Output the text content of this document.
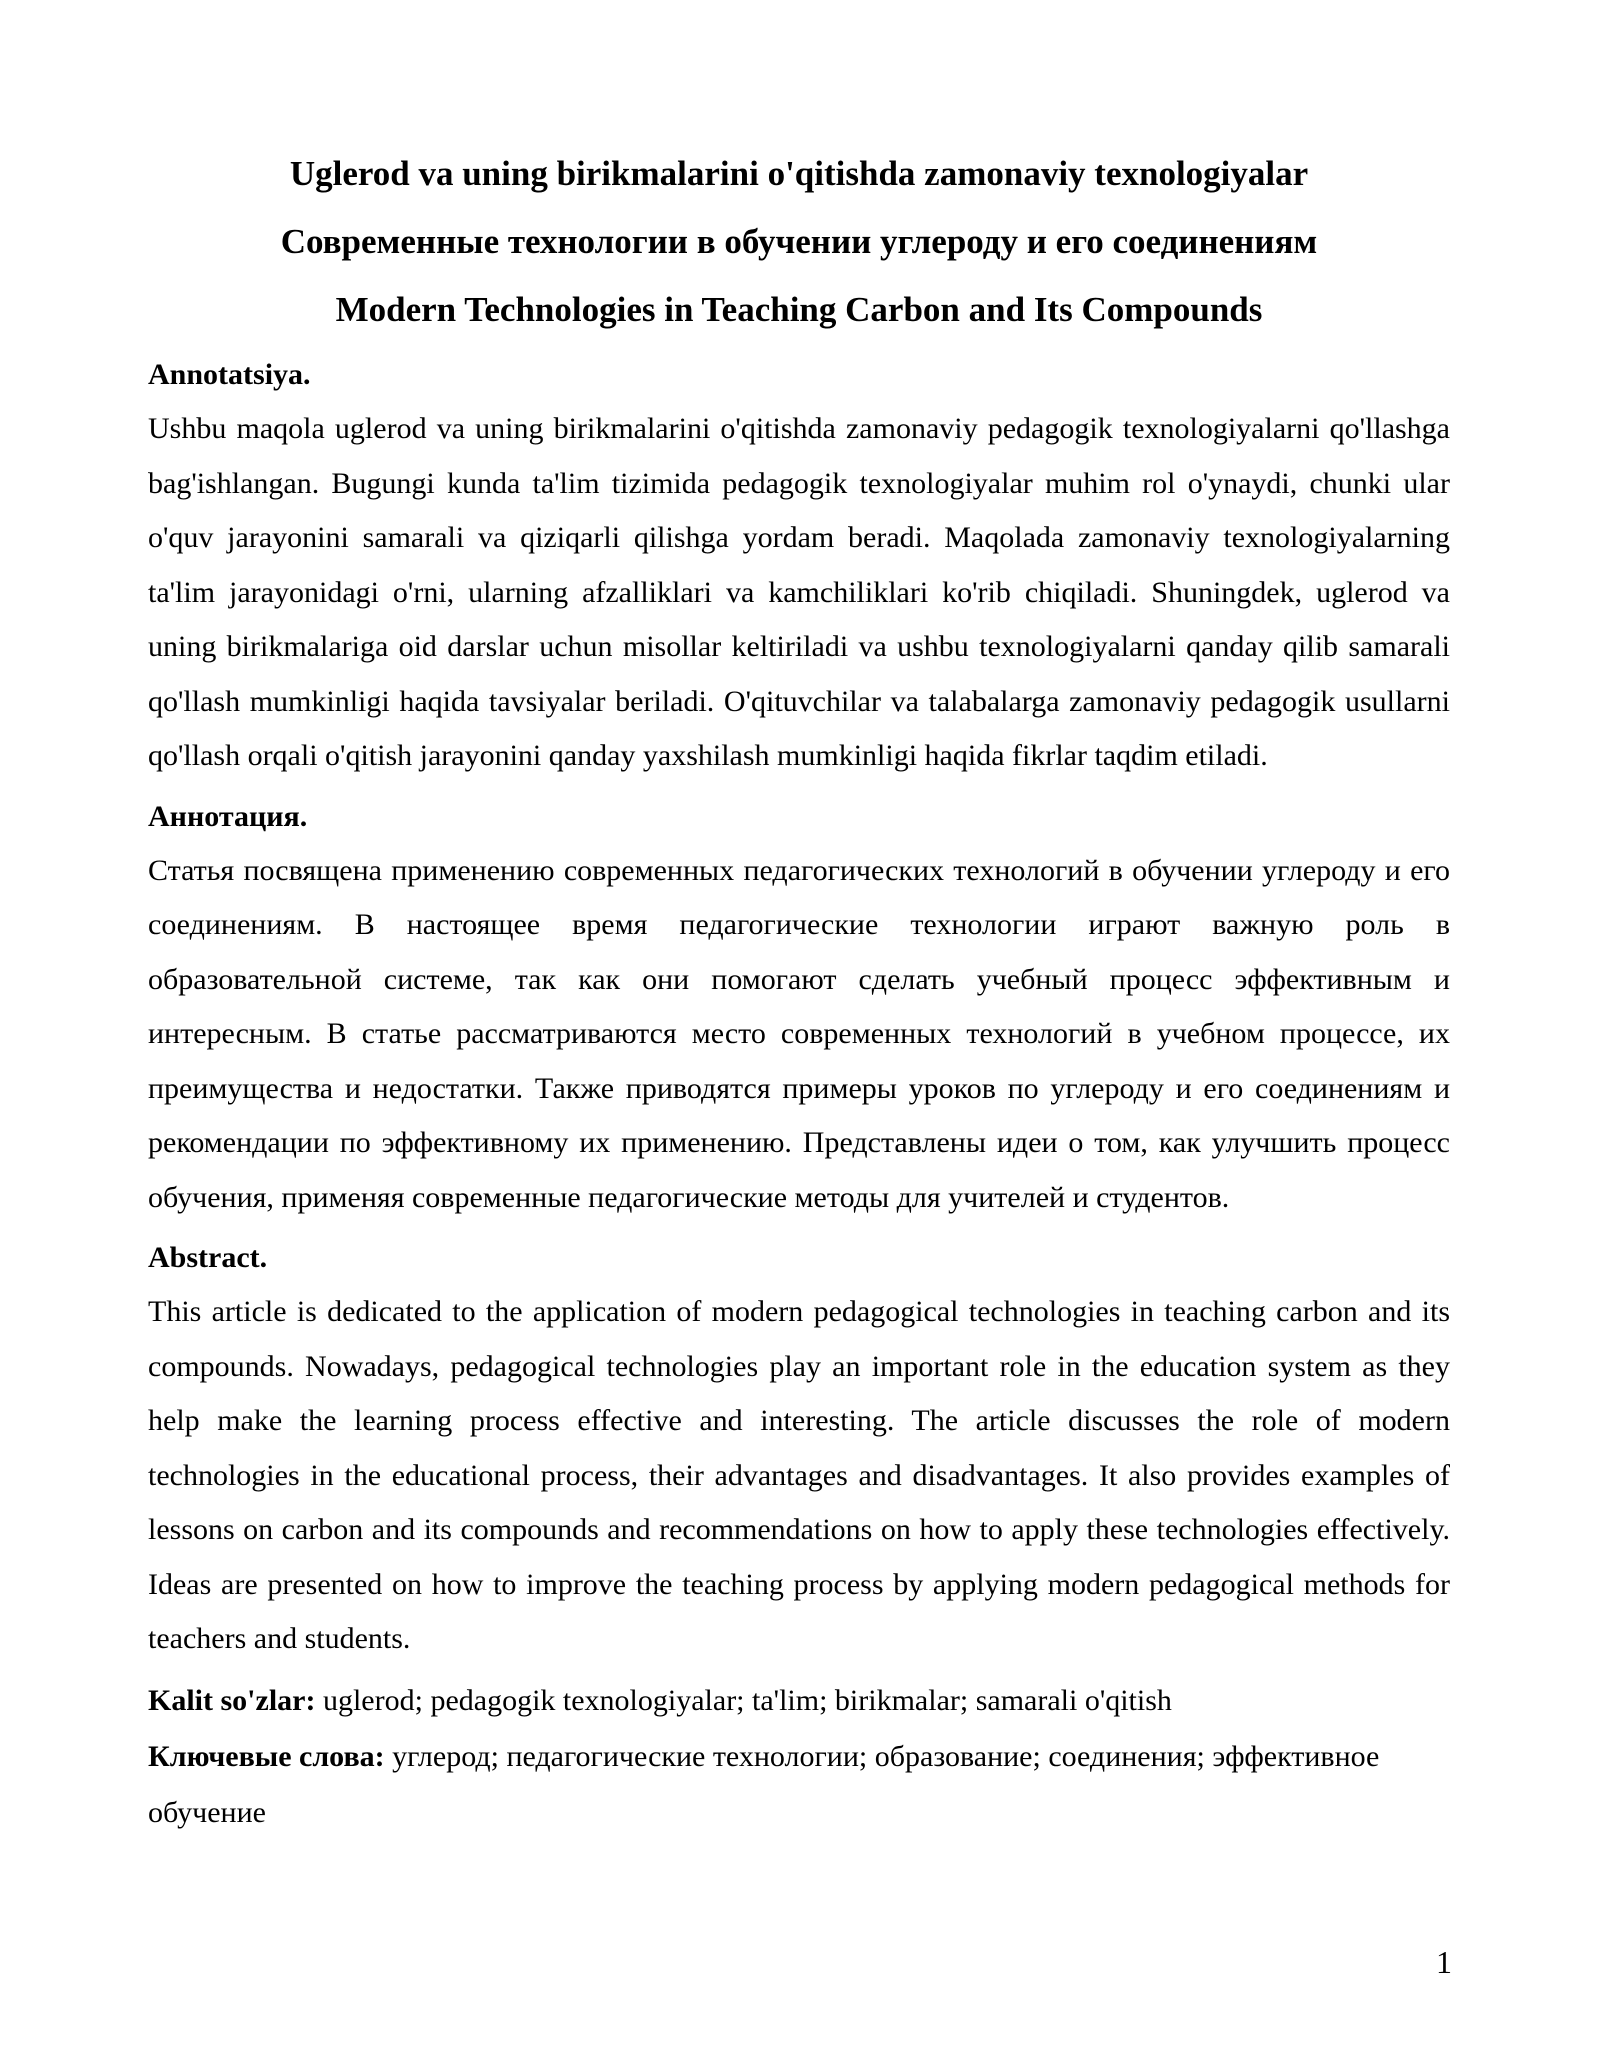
Uglerod va uning birikmalarini o'qitishda zamonaviy texnologiyalar

Современные технологии в обучении углероду и его соединениям

Modern Technologies in Teaching Carbon and Its Compounds

Annotatsiya.

Ushbu maqola uglerod va uning birikmalarini o'qitishda zamonaviy pedagogik texnologiyalarni qo'llashga bag'ishlangan. Bugungi kunda ta'lim tizimida pedagogik texnologiyalar muhim rol o'ynaydi, chunki ular o'quv jarayonini samarali va qiziqarli qilishga yordam beradi. Maqolada zamonaviy texnologiyalarning ta'lim jarayonidagi o'rni, ularning afzalliklari va kamchiliklari ko'rib chiqiladi. Shuningdek, uglerod va uning birikmalariga oid darslar uchun misollar keltiriladi va ushbu texnologiyalarni qanday qilib samarali qo'llash mumkinligi haqida tavsiyalar beriladi. O'qituvchilar va talabalarga zamonaviy pedagogik usullarni qo'llash orqali o'qitish jarayonini qanday yaxshilash mumkinligi haqida fikrlar taqdim etiladi.

Аннотация.

Статья посвящена применению современных педагогических технологий в обучении углероду и его соединениям. В настоящее время педагогические технологии играют важную роль в образовательной системе, так как они помогают сделать учебный процесс эффективным и интересным. В статье рассматриваются место современных технологий в учебном процессе, их преимущества и недостатки. Также приводятся примеры уроков по углероду и его соединениям и рекомендации по эффективному их применению. Представлены идеи о том, как улучшить процесс обучения, применяя современные педагогические методы для учителей и студентов.

Abstract.

This article is dedicated to the application of modern pedagogical technologies in teaching carbon and its compounds. Nowadays, pedagogical technologies play an important role in the education system as they help make the learning process effective and interesting. The article discusses the role of modern technologies in the educational process, their advantages and disadvantages. It also provides examples of lessons on carbon and its compounds and recommendations on how to apply these technologies effectively. Ideas are presented on how to improve the teaching process by applying modern pedagogical methods for teachers and students.

Kalit so'zlar: uglerod; pedagogik texnologiyalar; ta'lim; birikmalar; samarali o'qitish

Ключевые слова: углерод; педагогические технологии; образование; соединения; эффективное обучение

1
